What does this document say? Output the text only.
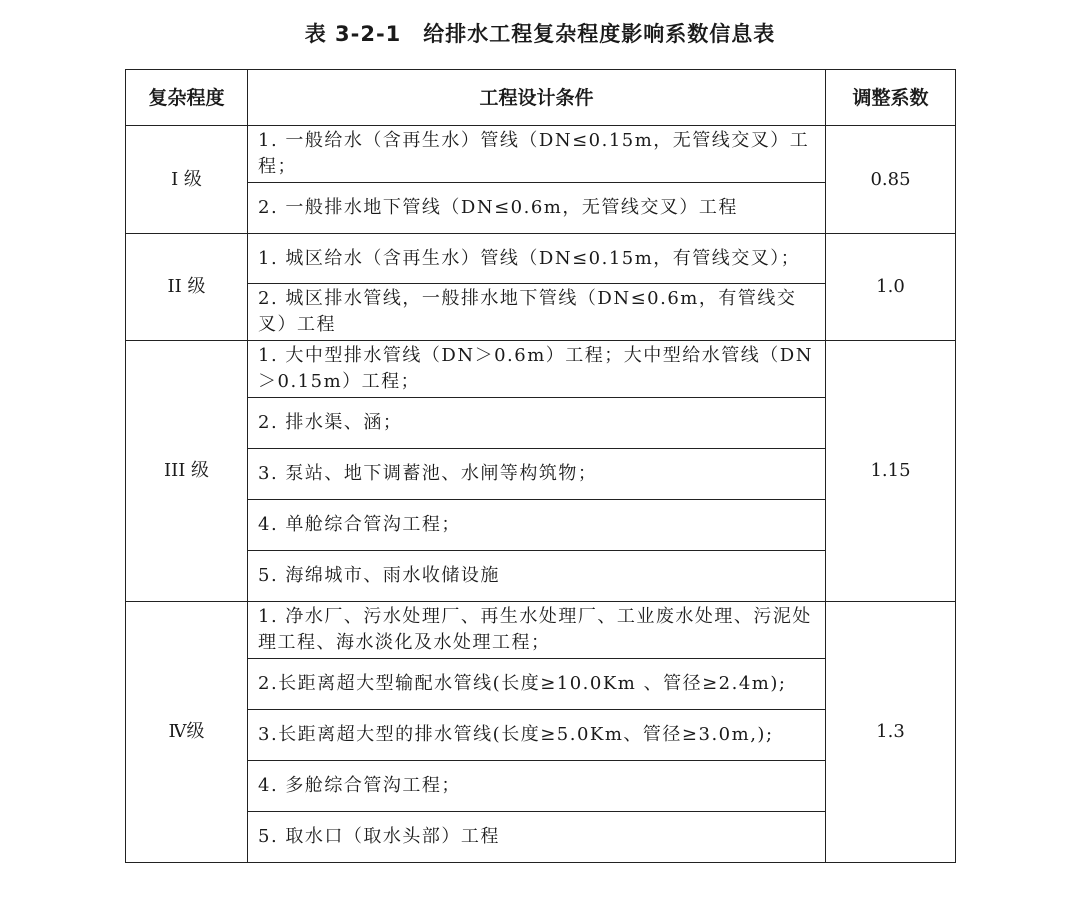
表 3-2-1　给排水工程复杂程度影响系数信息表
复杂程度	工程设计条件	调整系数
I 级	1. 一般给水（含再生水）管线（DN≤0.15m，无管线交叉）工程；	0.85
	2. 一般排水地下管线（DN≤0.6m，无管线交叉）工程	
II 级	1. 城区给水（含再生水）管线（DN≤0.15m，有管线交叉）；	1.0
	2. 城区排水管线，一般排水地下管线（DN≤0.6m，有管线交叉）工程	
III 级	1. 大中型排水管线（DN＞0.6m）工程；大中型给水管线（DN＞0.15m）工程；	1.15
	2. 排水渠、涵；	
	3. 泵站、地下调蓄池、水闸等构筑物；	
	4. 单舱综合管沟工程；	
	5. 海绵城市、雨水收储设施	
Ⅳ级	1. 净水厂、污水处理厂、再生水处理厂、工业废水处理、污泥处理工程、海水淡化及水处理工程；	1.3
	2.长距离超大型输配水管线(长度≥10.0Km 、管径≥2.4m);	
	3.长距离超大型的排水管线(长度≥5.0Km、管径≥3.0m,);	
	4. 多舱综合管沟工程；	
	5. 取水口（取水头部）工程	
